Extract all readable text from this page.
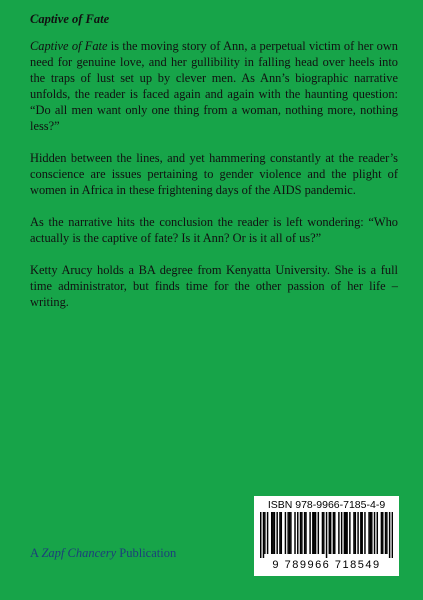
Captive of Fate

Captive of Fate is the moving story of Ann, a perpetual victim of her own need for genuine love, and her gullibility in falling head over heels into the traps of lust set up by clever men. As Ann’s biographic narrative unfolds, the reader is faced again and again with the haunting question: “Do all men want only one thing from a woman, nothing more, nothing less?”

Hidden between the lines, and yet hammering constantly at the reader’s conscience are issues pertaining to gender violence and the plight of women in Africa in these frightening days of the AIDS pandemic.

As the narrative hits the conclusion the reader is left wondering: “Who actually is the captive of fate? Is it Ann? Or is it all of us?”

Ketty Arucy holds a BA degree from Kenyatta University. She is a full time administrator, but finds time for the other passion of her life – writing.

ISBN 978-9966-7185-4-9
9 789966 718549
A Zapf Chancery Publication
